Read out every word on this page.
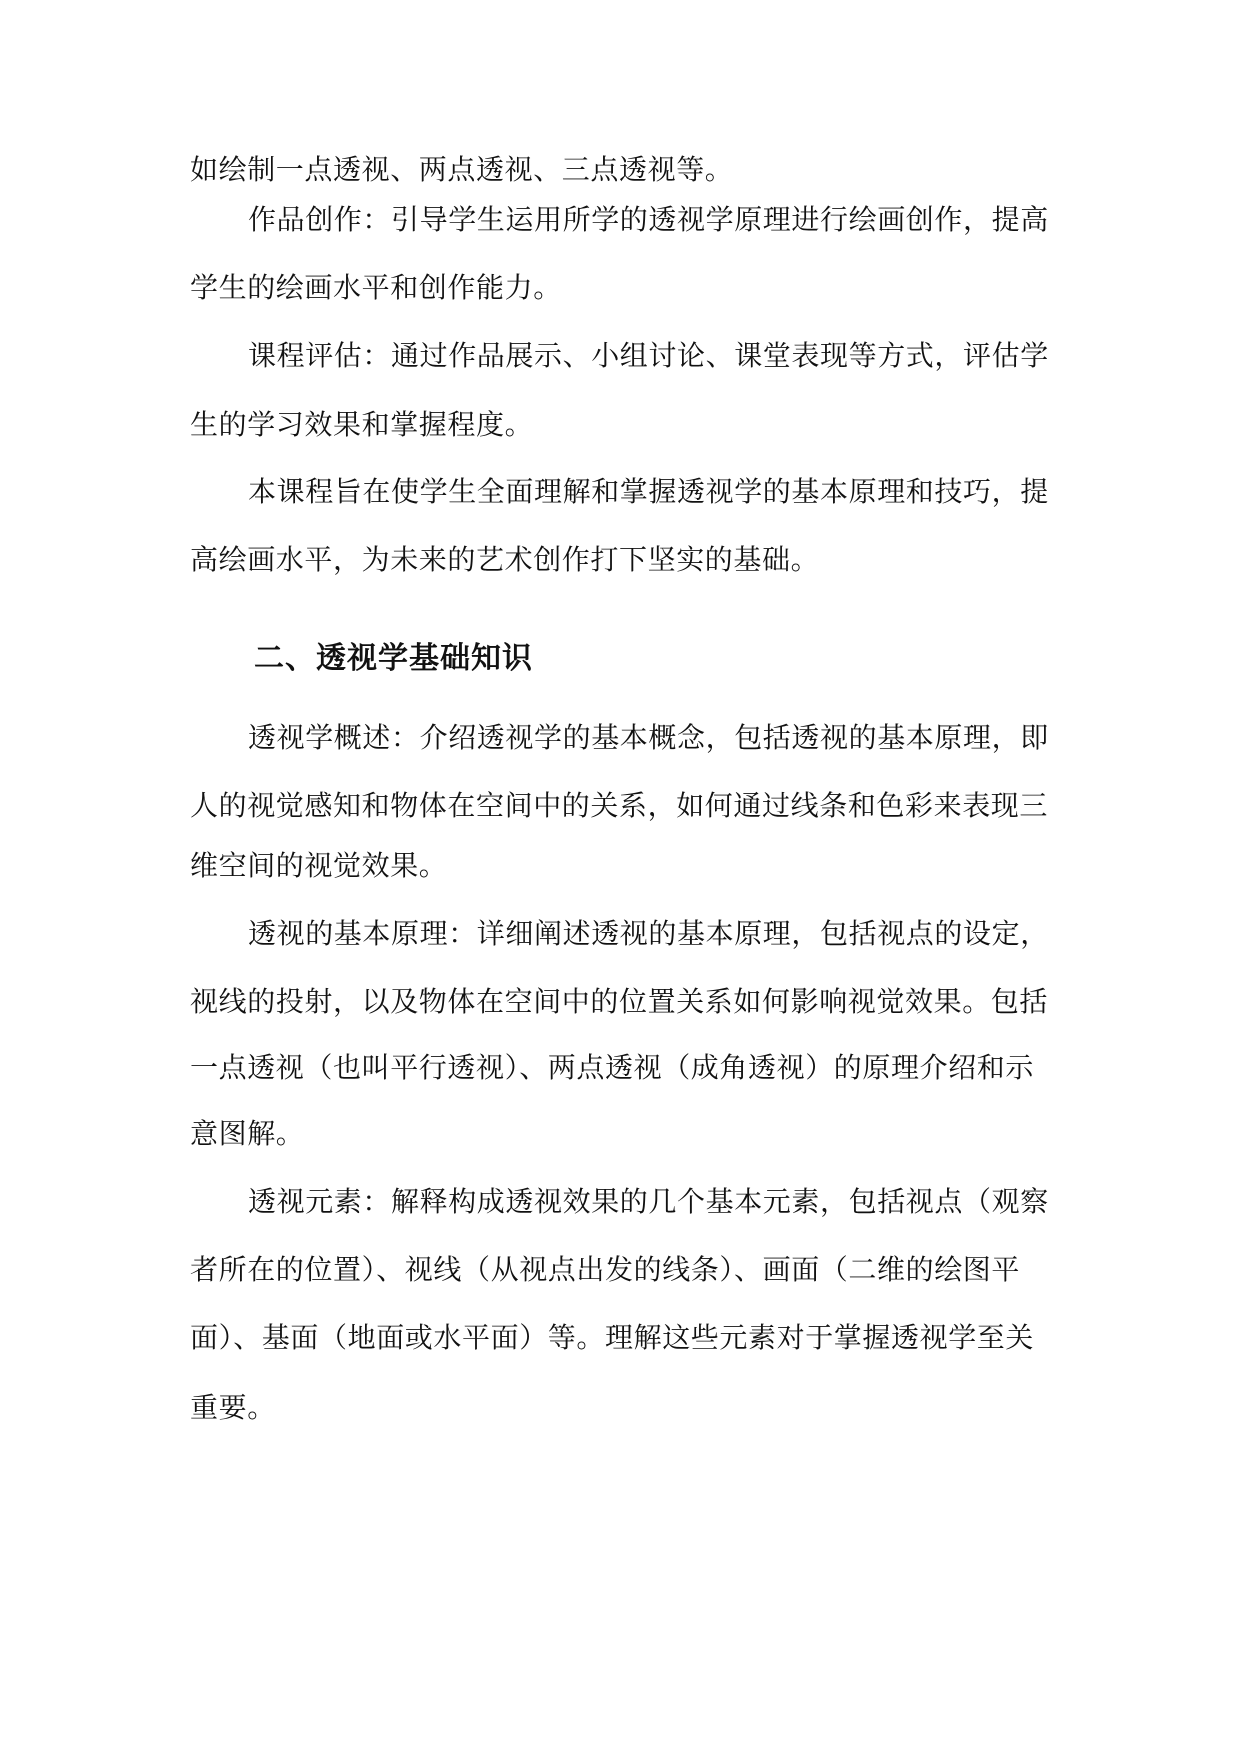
如绘制一点透视、两点透视、三点透视等。
作品创作：引导学生运用所学的透视学原理进行绘画创作，提高
学生的绘画水平和创作能力。
课程评估：通过作品展示、小组讨论、课堂表现等方式，评估学
生的学习效果和掌握程度。
本课程旨在使学生全面理解和掌握透视学的基本原理和技巧，提
高绘画水平，为未来的艺术创作打下坚实的基础。
二、透视学基础知识
透视学概述：介绍透视学的基本概念，包括透视的基本原理，即
人的视觉感知和物体在空间中的关系，如何通过线条和色彩来表现三
维空间的视觉效果。
透视的基本原理：详细阐述透视的基本原理，包括视点的设定，
视线的投射，以及物体在空间中的位置关系如何影响视觉效果。包括
一点透视（也叫平行透视）、两点透视（成角透视）的原理介绍和示
意图解。
透视元素：解释构成透视效果的几个基本元素，包括视点（观察
者所在的位置）、视线（从视点出发的线条）、画面（二维的绘图平
面）、基面（地面或水平面）等。理解这些元素对于掌握透视学至关
重要。
